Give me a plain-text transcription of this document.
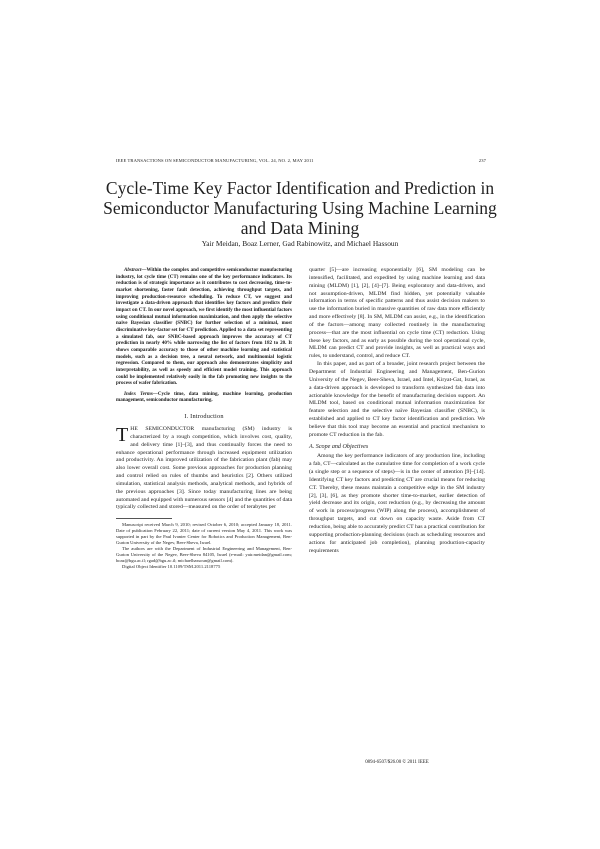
IEEE TRANSACTIONS ON SEMICONDUCTOR MANUFACTURING, VOL. 24, NO. 2, MAY 2011	237
Cycle-Time Key Factor Identification and Prediction in Semiconductor Manufacturing Using Machine Learning and Data Mining
Yair Meidan, Boaz Lerner, Gad Rabinowitz, and Michael Hassoun

Abstract—Within the complex and competitive semiconductor manufacturing industry, lot cycle time (CT) remains one of the key performance indicators. Its reduction is of strategic importance as it contributes to cost decreasing, time-to-market shortening, faster fault detection, achieving throughput targets, and improving production-resource scheduling. To reduce CT, we suggest and investigate a data-driven approach that identifies key factors and predicts their impact on CT. In our novel approach, we first identify the most influential factors using conditional mutual information maximization, and then apply the selective naive Bayesian classifier (SNBC) for further selection of a minimal, most discriminative key-factor set for CT prediction. Applied to a data set representing a simulated fab, our SNBC-based approach improves the accuracy of CT prediction in nearly 40% while narrowing the list of factors from 182 to 20. It shows comparable accuracy to those of other machine learning and statistical models, such as a decision tree, a neural network, and multinomial logistic regression. Compared to them, our approach also demonstrates simplicity and interpretability, as well as speedy and efficient model training. This approach could be implemented relatively easily in the fab promoting new insights to the process of wafer fabrication.

Index Terms—Cycle time, data mining, machine learning, production management, semiconductor manufacturing.

I. Introduction

THE SEMICONDUCTOR manufacturing (SM) industry is characterized by a rough competition, which involves cost, quality, and delivery time [1]–[3], and thus continually forces the need to enhance operational performance through increased equipment utilization and productivity. An improved utilization of the fabrication plant (fab) may also lower overall cost. Some previous approaches for production planning and control relied on rules of thumbs and heuristics [2]. Others utilized simulation, statistical analysis methods, analytical methods, and hybrids of the previous approaches [3]. Since today manufacturing lines are being automated and equipped with numerous sensors [4] and the quantities of data typically collected and stored—measured on the order of terabytes per

Manuscript received March 9, 2010; revised October 6, 2010; accepted January 18, 2011. Date of publication February 22, 2011; date of current version May 4, 2011. This work was supported in part by the Paul Ivanier Center for Robotics and Production Management, Ben-Gurion University of the Negev, Beer-Sheva, Israel.
The authors are with the Department of Industrial Engineering and Management, Ben-Gurion University of the Negev, Beer-Sheva 84105, Israel (e-mail: yair.meidan@gmail.com; boaz@bgu.ac.il; rgad@bgu.ac.il; michaelhassoun@gmail.com).
Digital Object Identifier 10.1109/TSM.2011.2118775

quarter [5]—are increasing exponentially [6], SM modeling can be intensified, facilitated, and expedited by using machine learning and data mining (MLDM) [1], [2], [4]–[7]. Being exploratory and data-driven, and not assumption-driven, MLDM find hidden, yet potentially valuable information in terms of specific patterns and thus assist decision makers to use the information buried in massive quantities of raw data more efficiently and more effectively [8]. In SM, MLDM can assist, e.g., in the identification of the factors—among many collected routinely in the manufacturing process—that are the most influential on cycle time (CT) reduction. Using these key factors, and as early as possible during the tool operational cycle, MLDM can predict CT and provide insights, as well as practical ways and rules, to understand, control, and reduce CT.

In this paper, and as part of a broader, joint research project between the Department of Industrial Engineering and Management, Ben-Gurion University of the Negev, Beer-Sheva, Israel, and Intel, Kiryat-Gat, Israel, as a data-driven approach is developed to transform synthesized fab data into actionable knowledge for the benefit of manufacturing decision support. An MLDM tool, based on conditional mutual information maximization for feature selection and the selective naïve Bayesian classifier (SNBC), is established and applied to CT key factor identification and prediction. We believe that this tool may become an essential and practical mechanism to promote CT reduction in the fab.

A. Scope and Objectives

Among the key performance indicators of any production line, including a fab, CT—calculated as the cumulative time for completion of a work cycle (a single step or a sequence of steps)—is in the center of attention [9]–[14]. Identifying CT key factors and predicting CT are crucial means for reducing CT. Thereby, these means maintain a competitive edge in the SM industry [2], [3], [6], as they promote shorter time-to-market, earlier detection of yield decrease and its origin, cost reduction (e.g., by decreasing the amount of work in process/progress (WIP) along the process), accomplishment of throughput targets, and cut down on capacity waste. Aside from CT reduction, being able to accurately predict CT has a practical contribution for supporting production-planning decisions (such as scheduling resources and actions for anticipated job completion), planning production-capacity requirements

0894-6507/$26.00 © 2011 IEEE
